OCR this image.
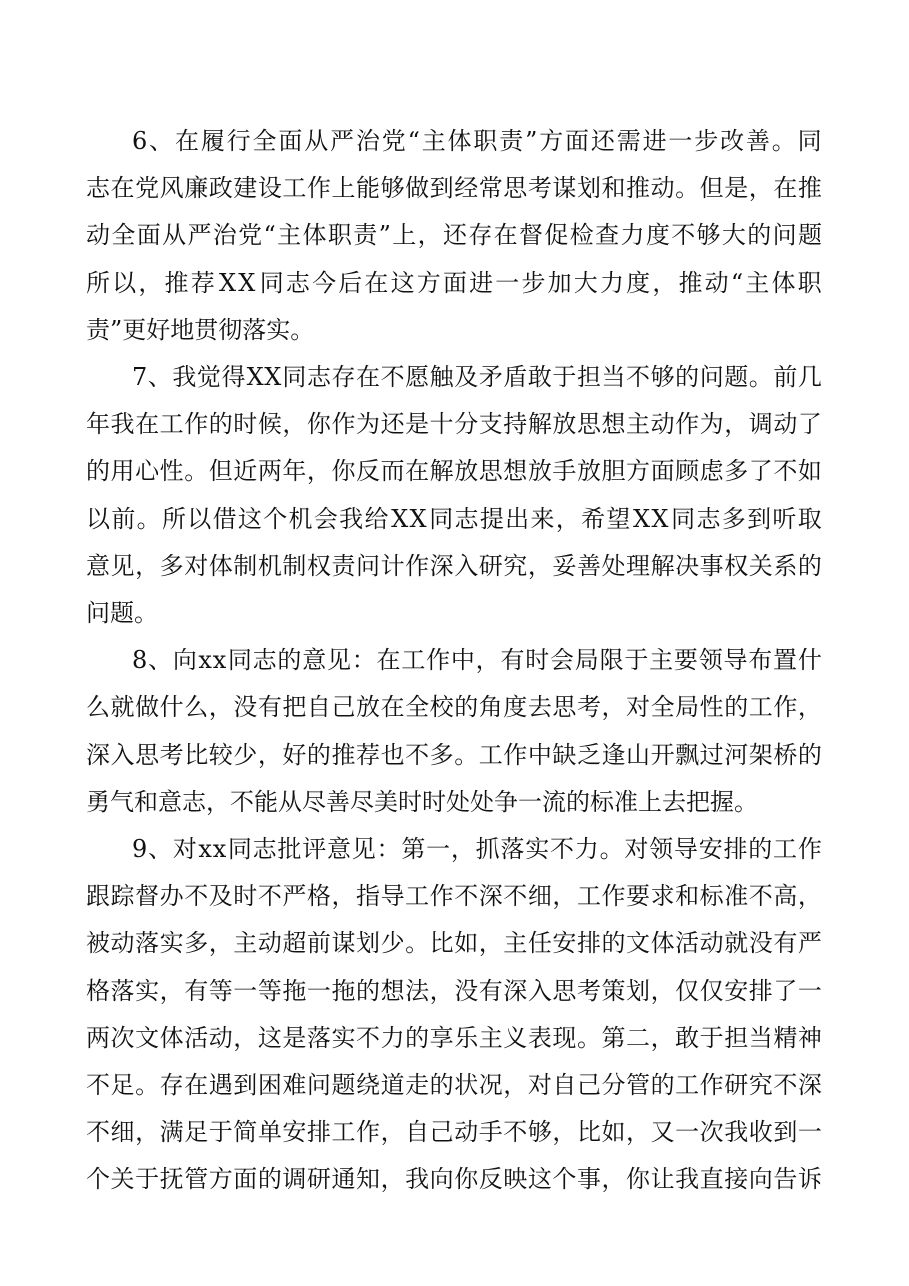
6 、 在 履 行 全 面 从 严 治 党 “ 主 体 职 责 ” 方 面 还 需 进 一 步 改 善 。 同
志 在 党 风 廉 政 建 设 工 作 上 能 够 做 到 经 常 思 考 谋 划 和 推 动 。 但 是 ， 在 推
动 全 面 从 严 治 党 “ 主 体 职 责 ” 上 ， 还 存 在 督 促 检 查 力 度 不 够 大 的 问 题
所 以 ， 推 荐 X X 同 志 今 后 在 这 方 面 进 一 步 加 大 力 度 ， 推 动 “ 主 体 职
责”更好地贯彻落实。
7 、 我 觉 得 X X 同 志 存 在 不 愿 触 及 矛 盾 敢 于 担 当 不 够 的 问 题 。 前 几
年 我 在 工 作 的 时 候 ， 你 作 为 还 是 十 分 支 持 解 放 思 想 主 动 作 为 ， 调 动 了
的 用 心 性 。 但 近 两 年 ， 你 反 而 在 解 放 思 想 放 手 放 胆 方 面 顾 虑 多 了 不 如
以 前 。 所 以 借 这 个 机 会 我 给 X X 同 志 提 出 来 ， 希 望 X X 同 志 多 到 听 取
意 见 ， 多 对 体 制 机 制 权 责 问 计 作 深 入 研 究 ， 妥 善 处 理 解 决 事 权 关 系 的
问题。
8 、 向 x x 同 志 的 意 见 ： 在 工 作 中 ， 有 时 会 局 限 于 主 要 领 导 布 置 什
么 就 做 什 么 ， 没 有 把 自 己 放 在 全 校 的 角 度 去 思 考 ， 对 全 局 性 的 工 作 ，
深 入 思 考 比 较 少 ， 好 的 推 荐 也 不 多 。 工 作 中 缺 乏 逢 山 开 飘 过 河 架 桥 的
勇气和意志，不能从尽善尽美时时处处争一流的标准上去把握。
9 、 对 x x 同 志 批 评 意 见 ： 第 一 ， 抓 落 实 不 力 。 对 领 导 安 排 的 工 作
跟 踪 督 办 不 及 时 不 严 格 ， 指 导 工 作 不 深 不 细 ， 工 作 要 求 和 标 准 不 高 ，
被 动 落 实 多 ， 主 动 超 前 谋 划 少 。 比 如 ， 主 任 安 排 的 文 体 活 动 就 没 有 严
格 落 实 ， 有 等 一 等 拖 一 拖 的 想 法 ， 没 有 深 入 思 考 策 划 ， 仅 仅 安 排 了 一
两 次 文 体 活 动 ， 这 是 落 实 不 力 的 享 乐 主 义 表 现 。 第 二 ， 敢 于 担 当 精 神
不 足 。 存 在 遇 到 困 难 问 题 绕 道 走 的 状 况 ， 对 自 己 分 管 的 工 作 研 究 不 深
不 细 ， 满 足 于 简 单 安 排 工 作 ， 自 己 动 手 不 够 ， 比 如 ， 又 一 次 我 收 到 一
个 关 于 抚 管 方 面 的 调 研 通 知 ， 我 向 你 反 映 这 个 事 ， 你 让 我 直 接 向 告 诉
